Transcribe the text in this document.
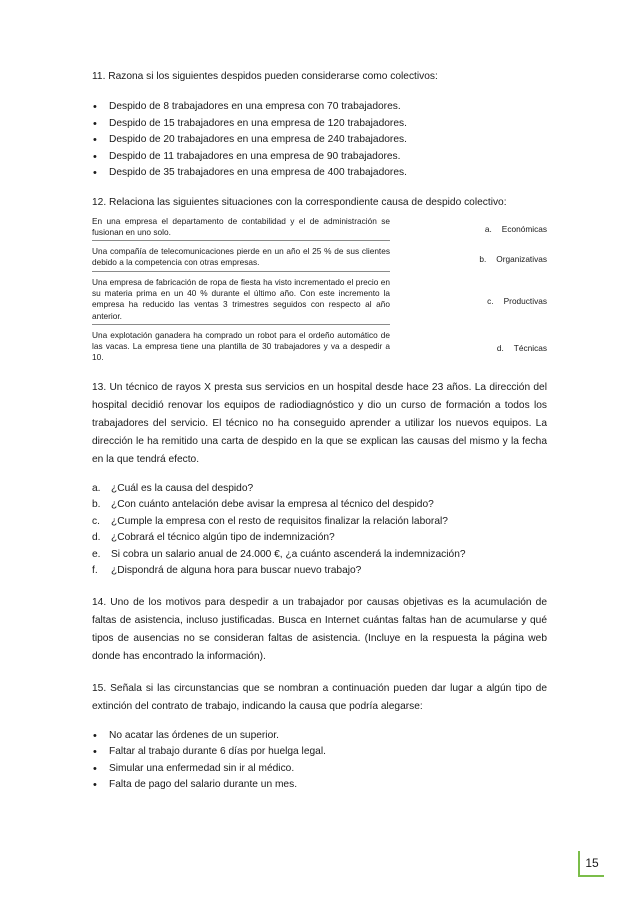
11. Razona si los siguientes despidos pueden considerarse como colectivos:

• Despido de 8 trabajadores en una empresa con 70 trabajadores.
• Despido de 15 trabajadores en una empresa de 120 trabajadores.
• Despido de 20 trabajadores en una empresa de 240 trabajadores.
• Despido de 11 trabajadores en una empresa de 90 trabajadores.
• Despido de 35 trabajadores en una empresa de 400 trabajadores.

12. Relaciona las siguientes situaciones con la correspondiente causa de despido colectivo:

En una empresa el departamento de contabilidad y el de administración se fusionan en uno solo.	a. Económicas
Una compañía de telecomunicaciones pierde en un año el 25 % de sus clientes debido a la competencia con otras empresas.	b. Organizativas
Una empresa de fabricación de ropa de fiesta ha visto incrementado el precio en su materia prima en un 40 % durante el último año. Con este incremento la empresa ha reducido las ventas 3 trimestres seguidos con respecto al año anterior.
c. Productivas
Una explotación ganadera ha comprado un robot para el ordeño automático de las vacas. La empresa tiene una plantilla de 30 trabajadores y va a despedir a 10.
d. Técnicas

13. Un técnico de rayos X presta sus servicios en un hospital desde hace 23 años. La dirección del hospital decidió renovar los equipos de radiodiagnóstico y dio un curso de formación a todos los trabajadores del servicio. El técnico no ha conseguido aprender a utilizar los nuevos equipos. La dirección le ha remitido una carta de despido en la que se explican las causas del mismo y la fecha en la que tendrá efecto.

a. ¿Cuál es la causa del despido?
b. ¿Con cuánto antelación debe avisar la empresa al técnico del despido?
c. ¿Cumple la empresa con el resto de requisitos finalizar la relación laboral?
d. ¿Cobrará el técnico algún tipo de indemnización?
e. Si cobra un salario anual de 24.000 €, ¿a cuánto ascenderá la indemnización?
f. ¿Dispondrá de alguna hora para buscar nuevo trabajo?

14. Uno de los motivos para despedir a un trabajador por causas objetivas es la acumulación de faltas de asistencia, incluso justificadas. Busca en Internet cuántas faltas han de acumularse y qué tipos de ausencias no se consideran faltas de asistencia. (Incluye en la respuesta la página web donde has encontrado la información).

15. Señala si las circunstancias que se nombran a continuación pueden dar lugar a algún tipo de extinción del contrato de trabajo, indicando la causa que podría alegarse:

• No acatar las órdenes de un superior.
• Faltar al trabajo durante 6 días por huelga legal.
• Simular una enfermedad sin ir al médico.
• Falta de pago del salario durante un mes.
15
